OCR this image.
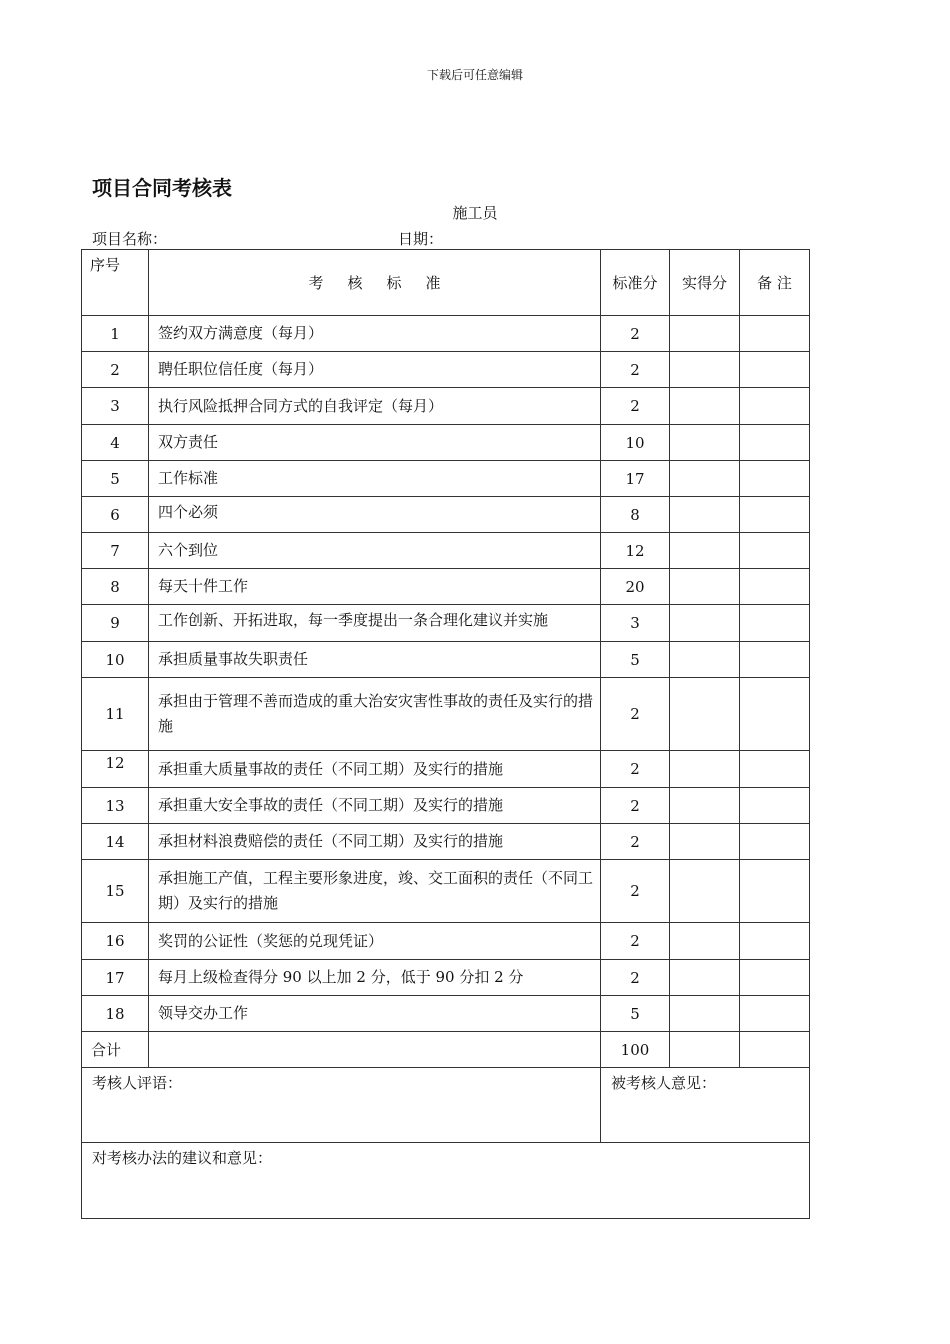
下载后可任意编辑
项目合同考核表
施工员
项目名称：	日期：
序号	考 核 标 准	标准分	实得分	备 注
1	签约双方满意度（每月）	2		
2	聘任职位信任度（每月）	2		
3	执行风险抵押合同方式的自我评定（每月）	2		
4	双方责任	10		
5	工作标准	17		
6	四个必须	8		
7	六个到位	12		
8	每天十件工作	20		
9	工作创新、开拓进取，每一季度提出一条合理化建议并实施	3		
10	承担质量事故失职责任	5		
11	承担由于管理不善而造成的重大治安灾害性事故的责任及实行的措施	2		
12	承担重大质量事故的责任（不同工期）及实行的措施	2		
13	承担重大安全事故的责任（不同工期）及实行的措施	2		
14	承担材料浪费赔偿的责任（不同工期）及实行的措施	2		
15	承担施工产值，工程主要形象进度，竣、交工面积的责任（不同工期）及实行的措施	2		
16	奖罚的公证性（奖惩的兑现凭证）	2		
17	每月上级检查得分 90 以上加 2 分，低于 90 分扣 2 分	2		
18	领导交办工作	5		
合计		100		
考核人评语：		被考核人意见：		
对考核办法的建议和意见：				
